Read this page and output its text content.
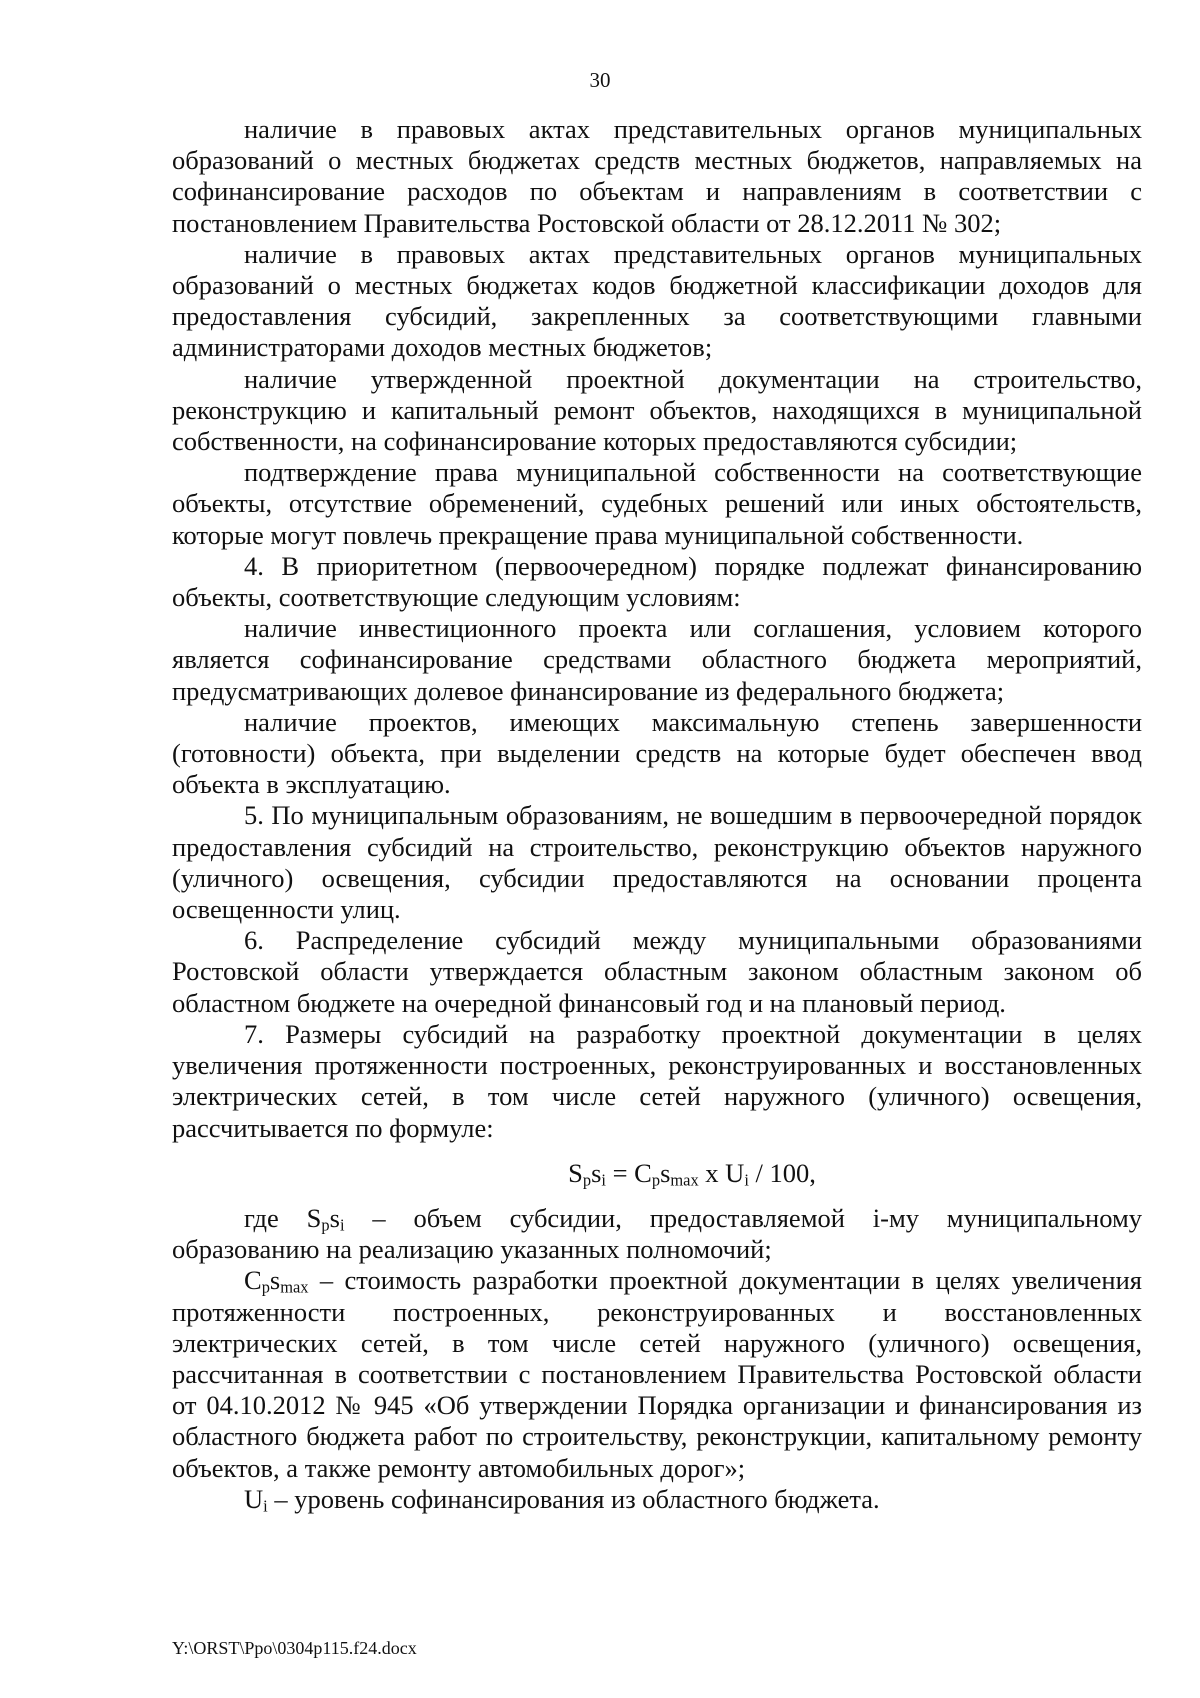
30

наличие в правовых актах представительных органов муниципальных образований о местных бюджетах средств местных бюджетов, направляемых на софинансирование расходов по объектам и направлениям в соответствии с постановлением Правительства Ростовской области от 28.12.2011 № 302;

наличие в правовых актах представительных органов муниципальных образований о местных бюджетах кодов бюджетной классификации доходов для предоставления субсидий, закрепленных за соответствующими главными администраторами доходов местных бюджетов;

наличие утвержденной проектной документации на строительство, реконструкцию и капитальный ремонт объектов, находящихся в муниципальной собственности, на софинансирование которых предоставляются субсидии;

подтверждение права муниципальной собственности на соответствующие объекты, отсутствие обременений, судебных решений или иных обстоятельств, которые могут повлечь прекращение права муниципальной собственности.

4. В приоритетном (первоочередном) порядке подлежат финансированию объекты, соответствующие следующим условиям:

наличие инвестиционного проекта или соглашения, условием которого является софинансирование средствами областного бюджета мероприятий, предусматривающих долевое финансирование из федерального бюджета;

наличие проектов, имеющих максимальную степень завершенности (готовности) объекта, при выделении средств на которые будет обеспечен ввод объекта в эксплуатацию.

5. По муниципальным образованиям, не вошедшим в первоочередной порядок предоставления субсидий на строительство, реконструкцию объектов наружного (уличного) освещения, субсидии предоставляются на основании процента освещенности улиц.

6. Распределение субсидий между муниципальными образованиями Ростовской области утверждается областным законом областным законом об областном бюджете на очередной финансовый год и на плановый период.

7. Размеры субсидий на разработку проектной документации в целях увеличения протяженности построенных, реконструированных и восстановленных электрических сетей, в том числе сетей наружного (уличного) освещения, рассчитывается по формуле:

$S_ps_i = C_ps_{max}$ x $U_i / 100$,

где $S_ps_i$ – объем субсидии, предоставляемой i-му муниципальному образованию на реализацию указанных полномочий;

$C_ps_{max}$ – стоимость разработки проектной документации в целях увеличения протяженности построенных, реконструированных и восстановленных электрических сетей, в том числе сетей наружного (уличного) освещения, рассчитанная в соответствии с постановлением Правительства Ростовской области от 04.10.2012 № 945 «Об утверждении Порядка организации и финансирования из областного бюджета работ по строительству, реконструкции, капитальному ремонту объектов, а также ремонту автомобильных дорог»;

$U_i$ – уровень софинансирования из областного бюджета.

Y:\ORST\Ppo\0304p115.f24.docx
